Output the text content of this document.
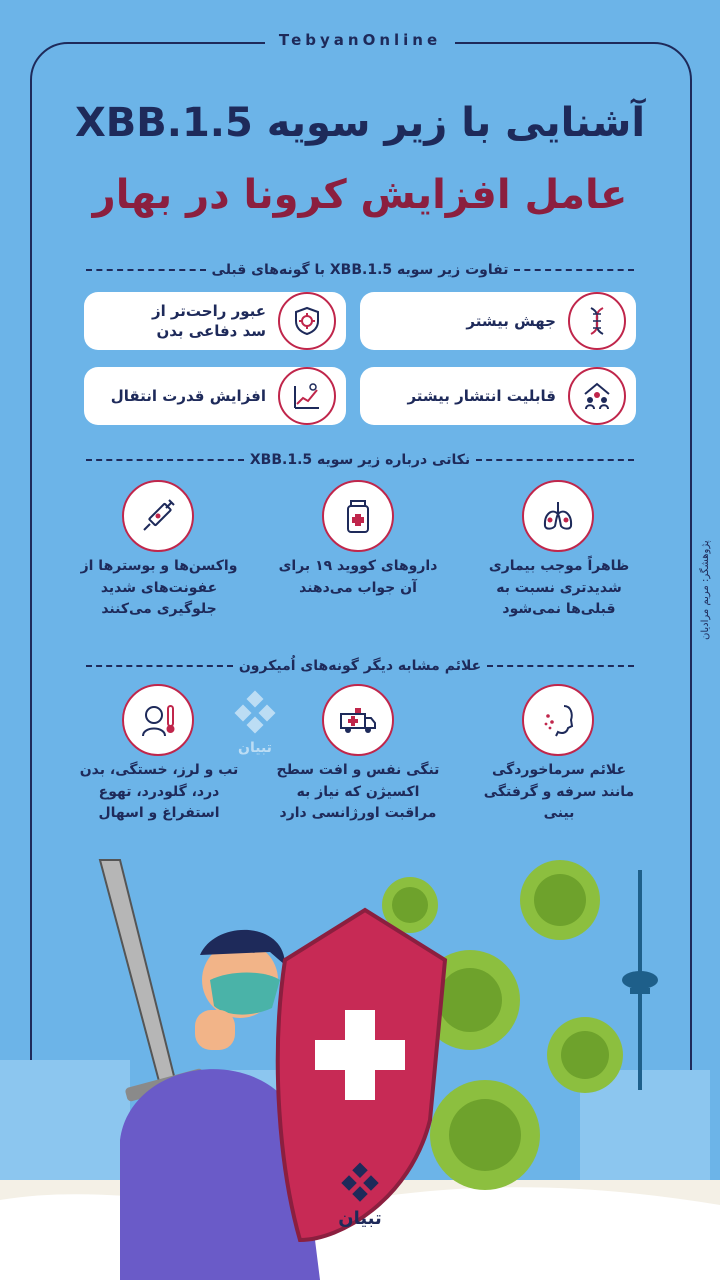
TebyanOnline
آشنایی با زیر سویه XBB.1.5
عامل افزایش کرونا در بهار
تفاوت زیر سویه XBB.1.5 با گونه‌های قبلی
جهش بیشتر
عبور راحت‌تر از سد دفاعی بدن
قابلیت انتشار بیشتر
افزایش قدرت انتقال
نکاتی درباره زیر سویه XBB.1.5
ظاهراً موجب بیماری شدیدتری نسبت به قبلی‌ها نمی‌شود
داروهای کووید ۱۹ برای آن جواب می‌دهند
واکسن‌ها و بوسترها از عفونت‌های شدید جلوگیری می‌کنند
علائم مشابه دیگر گونه‌های اُمیکرون
علائم سرماخوردگی مانند سرفه و گرفتگی بینی
تنگی نفس و افت سطح اکسیژن که نیاز به مراقبت اورژانسی دارد
تب و لرز، خستگی، بدن درد، گلودرد، تهوع استفراغ و اسهال
تبیان
پژوهشگر: مریم مرادیان
تبیان
